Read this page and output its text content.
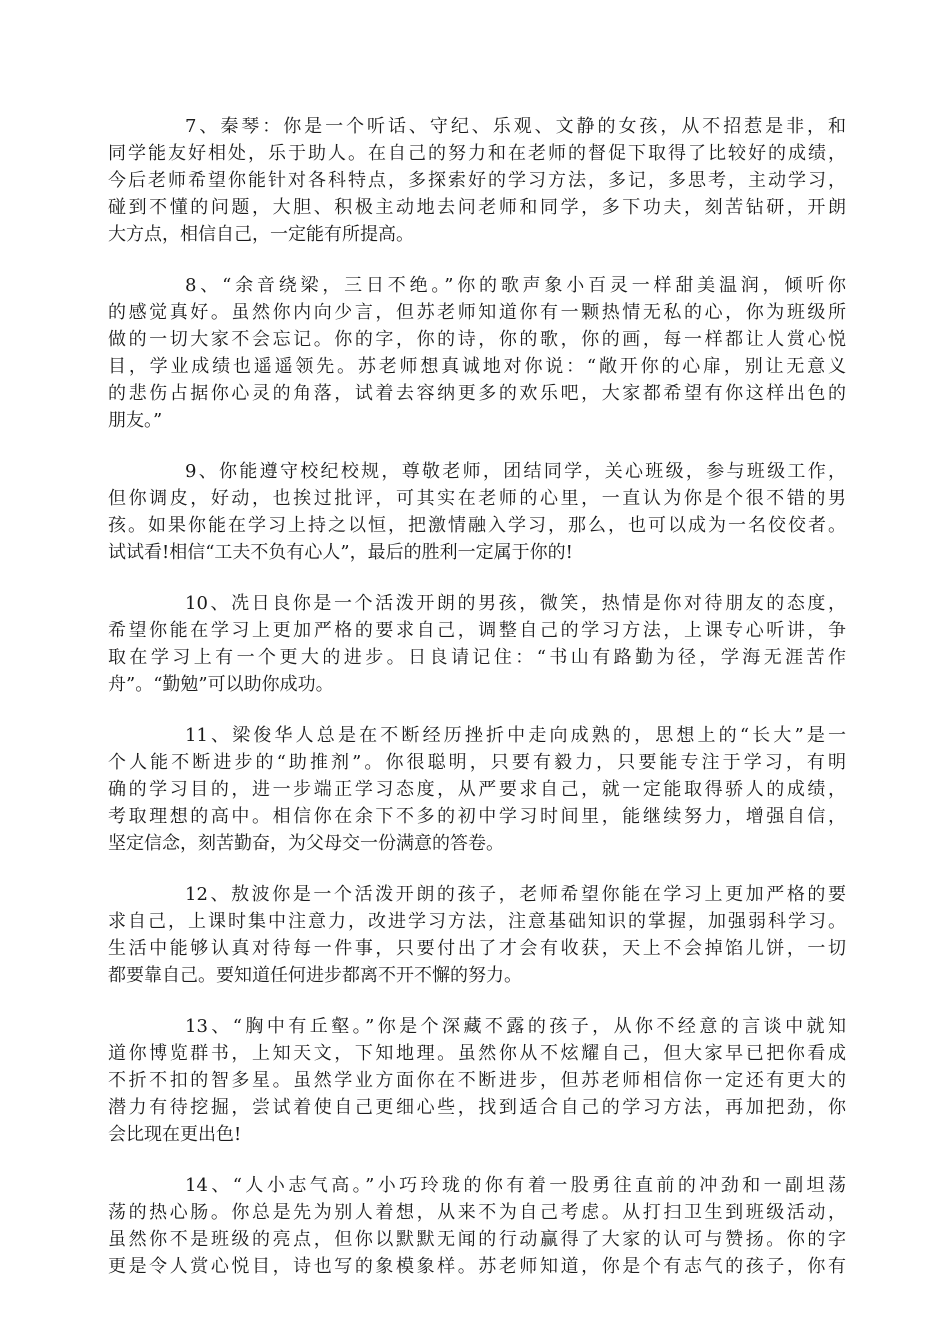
7、秦琴：你是一个听话、守纪、乐观、文静的女孩，从不招惹是非，和
同学能友好相处，乐于助人。在自己的努力和在老师的督促下取得了比较好的成绩，
今后老师希望你能针对各科特点，多探索好的学习方法，多记，多思考，主动学习，
碰到不懂的问题，大胆、积极主动地去问老师和同学，多下功夫，刻苦钻研，开朗
大方点，相信自己，一定能有所提高。

8、“余音绕梁，三日不绝。”你的歌声象小百灵一样甜美温润，倾听你
的感觉真好。虽然你内向少言，但苏老师知道你有一颗热情无私的心，你为班级所
做的一切大家不会忘记。你的字，你的诗，你的歌，你的画，每一样都让人赏心悦
目，学业成绩也遥遥领先。苏老师想真诚地对你说：“敞开你的心扉，别让无意义
的悲伤占据你心灵的角落，试着去容纳更多的欢乐吧，大家都希望有你这样出色的
朋友。”

9、你能遵守校纪校规，尊敬老师，团结同学，关心班级，参与班级工作，
但你调皮，好动，也挨过批评，可其实在老师的心里，一直认为你是个很不错的男
孩。如果你能在学习上持之以恒，把激情融入学习，那么，也可以成为一名佼佼者。
试试看!相信“工夫不负有心人”，最后的胜利一定属于你的!

10、冼日良你是一个活泼开朗的男孩，微笑，热情是你对待朋友的态度，
希望你能在学习上更加严格的要求自己，调整自己的学习方法，上课专心听讲，争
取在学习上有一个更大的进步。日良请记住：“书山有路勤为径，学海无涯苦作
舟”。“勤勉”可以助你成功。

11、梁俊华人总是在不断经历挫折中走向成熟的，思想上的“长大”是一
个人能不断进步的“助推剂”。你很聪明，只要有毅力，只要能专注于学习，有明
确的学习目的，进一步端正学习态度，从严要求自己，就一定能取得骄人的成绩，
考取理想的高中。相信你在余下不多的初中学习时间里，能继续努力，增强自信，
坚定信念，刻苦勤奋，为父母交一份满意的答卷。

12、敖波你是一个活泼开朗的孩子，老师希望你能在学习上更加严格的要
求自己，上课时集中注意力，改进学习方法，注意基础知识的掌握，加强弱科学习。
生活中能够认真对待每一件事，只要付出了才会有收获，天上不会掉馅儿饼，一切
都要靠自己。要知道任何进步都离不开不懈的努力。

13、“胸中有丘壑。”你是个深藏不露的孩子，从你不经意的言谈中就知
道你博览群书，上知天文，下知地理。虽然你从不炫耀自己，但大家早已把你看成
不折不扣的智多星。虽然学业方面你在不断进步，但苏老师相信你一定还有更大的
潜力有待挖掘，尝试着使自己更细心些，找到适合自己的学习方法，再加把劲，你
会比现在更出色!

14、“人小志气高。”小巧玲珑的你有着一股勇往直前的冲劲和一副坦荡
荡的热心肠。你总是先为别人着想，从来不为自己考虑。从打扫卫生到班级活动，
虽然你不是班级的亮点，但你以默默无闻的行动赢得了大家的认可与赞扬。你的字
更是令人赏心悦目，诗也写的象模象样。苏老师知道，你是个有志气的孩子，你有
